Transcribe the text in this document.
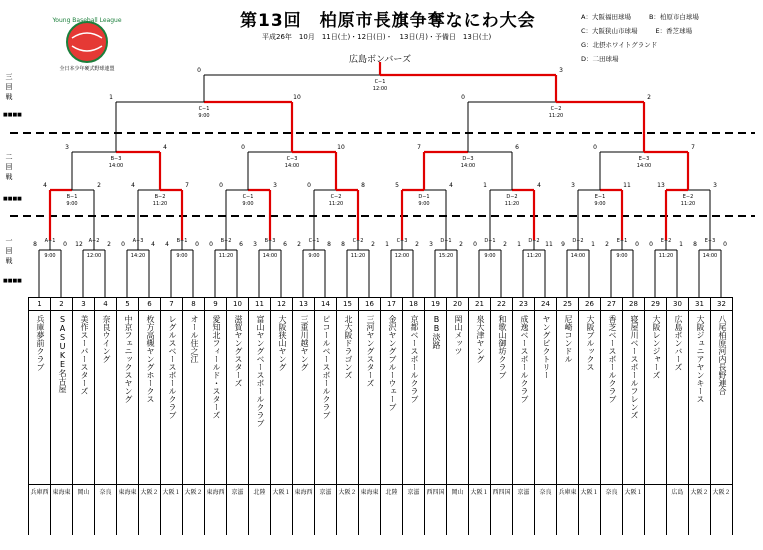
A−1
9:00
8	0	A−2
12:00
12	2	A−3
14:20
0	4	B−1
9:00
4	0	B−2
11:20
0	6	B−3
14:00
3	6	C−1
9:00
2	8	C−2
11:20
8	2	C−3
12:00
1	2	D−1
15:20
3	2	D−1
9:00
0	2	D−2
11:20
1	11	D−2
14:00
9	1	E−1
9:00
2	0	E−2
11:20
0	1	E−3
14:00
8	0
B−1
9:00
4	2
B−2
11:20
4	7
C−1
9:00
0	3
C−2
11:20
0	8
D−1
9:00
5	4
D−2
11:20
1	4
E−1
9:00
3	11
E−2
11:20
13	3
B−3
14:00
3	4
C−3
14:00
0	10
D−3
14:00
7	6
E−3
14:00
0	7
C−1
9:00
1	10
C−2
11:20
0	2
C−1
12:00
0	3
Young Baseball League
全日本少年硬式野球連盟
第13回　柏原市長旗争奪なにわ大会
平成26年　10月　11日(土)・12日(日)・　13日(月)・予備日　13日(土)
A：大阪福田球場	B：柏原市白球場
C：大阪狭山市球場	E：香芝球場
G：北摂ホワイトグランド
D：二田球場
広島ボンバーズ
三回戦
■■■■
二回戦
■■■■
一回戦
■■■■
1
兵庫夢前クラブ
兵庫西
2
SASUKE名古屋
東海東
3
美作スーパースターズ
岡山
4
奈良ウイング
奈良
5
中京フェニックスヤング
東海東
6
枚方高槻ヤングホークス
大阪２
7
レグルスベースボールクラブ
大阪１
8
オール住之江
大阪２
9
愛知北フィールド・スターズ
東海西
10
滋賀ヤングスターズ
京滋
11
富山ヤングベースボールクラブ
北陸
12
大阪狭山ヤング
大阪１
13
三重川越ヤング
東海西
14
ピコールベースボールクラブ
京滋
15
北大阪ドラゴンズ
大阪２
16
三河ヤングスターズ
東海東
17
金沢ヤングブルーウェーブ
北陸
18
京都ベースボールクラブ
京滋
19
BB淡路
西四国
20
岡山メッツ
岡山
21
泉大津ヤング
大阪１
22
和歌山御坊クラブ
西四国
23
成逸ベースボールクラブ
京滋
24
ヤングビクトリー
奈良
25
尼崎コンドル
兵庫東
26
大阪ブルックス
大阪１
27
香芝ベースボールクラブ
奈良
28
寝屋川ベースボールフレンズ
大阪１
29
大阪レンジャーズ
30
広島ボンバーズ
広島
31
大阪ジュニアヤンキース
大阪２
32
八尾柏原河内長野連合
大阪２
